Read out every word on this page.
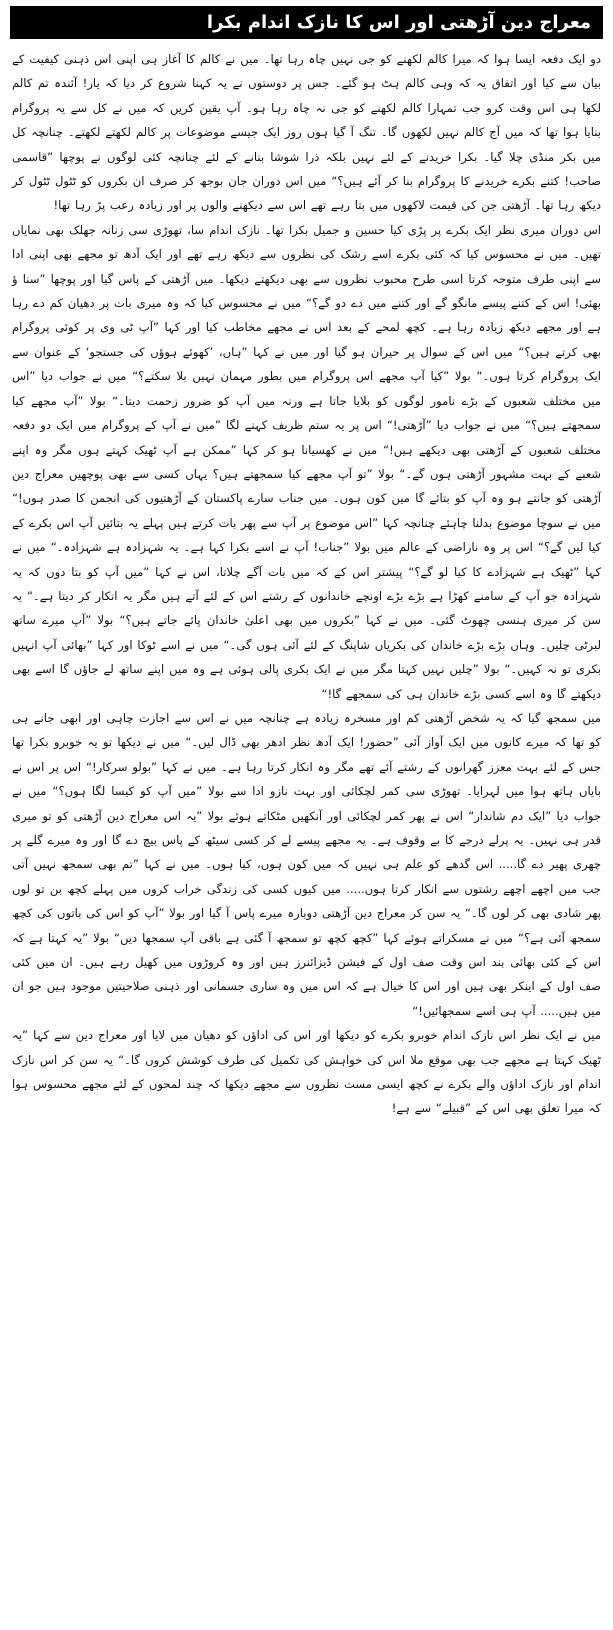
معراج دین آڑھتی اور اس کا نازک اندام بکرا

دو ایک دفعہ ایسا ہوا کہ میرا کالم لکھنے کو جی نہیں چاہ رہا تھا۔ میں نے کالم کا آغاز ہی اپنی اس ذہنی کیفیت کے بیان سے کیا اور اتفاق یہ کہ وہی کالم ہٹ ہو گئے۔ جس پر دوستوں نے یہ کہنا شروع کر دیا کہ یار! آئندہ تم کالم لکھا ہی اس وقت کرو جب تمہارا کالم لکھنے کو جی نہ چاہ رہا ہو۔ آپ یقین کریں کہ میں نے کل سے یہ پروگرام بنایا ہوا تھا کہ میں آج کالم نہیں لکھوں گا۔ تنگ آ گیا ہوں روز ایک جیسے موضوعات پر کالم لکھتے لکھتے۔ چنانچہ کل میں بکر منڈی چلا گیا۔ بکرا خریدنے کے لئے نہیں بلکہ ذرا شوشا بنانے کے لئے چنانچہ کئی لوگوں نے پوچھا ”قاسمی صاحب! کتنے بکرے خریدنے کا پروگرام بنا کر آئے ہیں؟“ میں اس دوران جان بوجھ کر صرف ان بکروں کو ٹٹول ٹٹول کر دیکھ رہا تھا۔ آڑھتی جن کی قیمت لاکھوں میں بتا رہے تھے اس سے دیکھنے والوں پر اور زیادہ رعب پڑ رہا تھا!

اس دوران میری نظر ایک بکرے پر پڑی کیا حسین و جمیل بکرا تھا۔ نازک اندام سا، تھوڑی سی زنانہ جھلک بھی نمایاں تھیں۔ میں نے محسوس کیا کہ کئی بکرے اسے رشک کی نظروں سے دیکھ رہے تھے اور ایک آدھ تو مجھے بھی اپنی ادا سے اپنی طرف متوجہ کرتا اسی طرح محبوب نظروں سے بھی دیکھتے دیکھا۔ میں آڑھتی کے پاس گیا اور پوچھا ”سنا ؤ بھئی! اس کے کتنے پیسے مانگو گے اور کتنے میں دے دو گے؟“ میں نے محسوس کیا کہ وہ میری بات پر دھیان کم دے رہا ہے اور مجھے دیکھ زیادہ رہا ہے۔ کچھ لمحے کے بعد اس نے مجھے مخاطب کیا اور کہا ”آپ ٹی وی پر کوئی پروگرام بھی کرتے ہیں؟“ میں اس کے سوال پر حیران ہو گیا اور میں نے کہا ”ہاں، ’کھوئے ہوؤں کی جستجو‘ کے عنوان سے ایک پروگرام کرتا ہوں۔“ بولا ”کیا آپ مجھے اس پروگرام میں بطور مہمان نہیں بلا سکتے؟“ میں نے جواب دیا ”اس میں مختلف شعبوں کے بڑے نامور لوگوں کو بلایا جاتا ہے ورنہ میں آپ کو ضرور زحمت دیتا۔“ بولا ”آپ مجھے کیا سمجھتے ہیں؟“ میں نے جواب دیا ”آڑھتی!“ اس پر یہ ستم ظریف کہنے لگا ”میں نے آپ کے پروگرام میں ایک دو دفعہ مختلف شعبوں کے آڑھتی بھی دیکھے ہیں!“ میں نے کھسیانا ہو کر کہا ”ممکن ہے آپ ٹھیک کہتے ہوں مگر وہ اپنے شعبے کے بہت مشہور آڑھتی ہوں گے۔“ بولا ”تو آپ مجھے کیا سمجھتے ہیں؟ یہاں کسی سے بھی پوچھیں معراج دین آڑھتی کو جانتے ہو وہ آپ کو بتائے گا میں کون ہوں۔ میں جناب سارے پاکستان کے آڑھتیوں کی انجمن کا صدر ہوں!“ میں نے سوچا موضوع بدلنا چاہئے چنانچہ کہا ”اس موضوع پر آپ سے پھر بات کرتے ہیں پہلے یہ بتائیں آپ اس بکرے کے کیا لیں گے؟“ اس پر وہ ناراضی کے عالم میں بولا ”جناب! آپ نے اسے بکرا کہا ہے۔ یہ شہزادہ ہے شہزادہ۔“ میں نے کہا ”ٹھیک ہے شہزادے کا کیا لو گے؟“ پیشتر اس کے کہ میں بات آگے چلاتا، اس نے کہا ”میں آپ کو بتا دوں کہ یہ شہزادہ جو آپ کے سامنے کھڑا ہے بڑے بڑے اونچے خاندانوں کے رشتے اس کے لئے آتے ہیں مگر یہ انکار کر دیتا ہے۔“ یہ سن کر میری ہنسی چھوٹ گئی۔ میں نے کہا ”بکروں میں بھی اعلیٰ خاندان پائے جاتے ہیں؟“ بولا ”آپ میرے ساتھ لبرٹی چلیں۔ وہاں بڑے بڑے خاندان کی بکریاں شاپنگ کے لئے آئی ہوں گی۔“ میں نے اسے ٹوکا اور کہا ”بھائی آپ انہیں بکری تو نہ کہیں۔“ بولا ”چلیں نہیں کہتا مگر میں نے ایک بکری پالی ہوئی ہے وہ میں اپنے ساتھ لے جاؤں گا اسے بھی دیکھتے گا وہ اسے کسی بڑے خاندان ہی کی سمجھے گا!“

میں سمجھ گیا کہ یہ شخص آڑھتی کم اور مسخرہ زیادہ ہے چنانچہ میں نے اس سے اجازت چاہی اور ابھی جانے ہی کو تھا کہ میرے کانوں میں ایک آواز آئی ”حضور! ایک آدھ نظر ادھر بھی ڈال لیں۔“ میں نے دیکھا تو یہ خوبرو بکرا تھا جس کے لئے بہت معزز گھرانوں کے رشتے آئے تھے مگر وہ انکار کرتا رہا ہے۔ میں نے کہا ”بولو سرکار!“ اس پر اس نے بایاں ہاتھ ہوا میں لہرایا۔ تھوڑی سی کمر لچکائی اور بہت نازو ادا سے بولا ”میں آپ کو کیسا لگا ہوں؟“ میں نے جواب دیا ”ایک دم شاندار“ اس نے پھر کمر لچکائی اور آنکھیں مٹکاتے ہوئے بولا ”یہ اس معراج دین آڑھتی کو تو میری قدر ہی نہیں۔ یہ پرلے درجے کا بے وقوف ہے۔ یہ مجھے پیسے لے کر کسی سیٹھ کے پاس بیچ دے گا اور وہ میرے گلے پر چھری پھیر دے گا..... اس گدھے کو علم ہی نہیں کہ میں کون ہوں، کیا ہوں۔ میں نے کہا ”تم بھی سمجھ نہیں آتی جب میں اچھے اچھے رشتوں سے انکار کرتا ہوں..... میں کیوں کسی کی زندگی خراب کروں میں پہلے کچھ بن تو لوں پھر شادی بھی کر لوں گا۔“ یہ سن کر معراج دین آڑھتی دوبارہ میرے پاس آ گیا اور بولا ”آپ کو اس کی باتوں کی کچھ سمجھ آئی ہے؟“ میں نے مسکراتے ہوئے کہا ”کچھ کچھ تو سمجھ آ گئی ہے باقی آپ سمجھا دیں“ بولا ”یہ کہتا ہے کہ اس کے کئی بھائی بند اس وقت صف اول کے فیشن ڈیزائنرز ہیں اور وہ کروڑوں میں کھیل رہے ہیں۔ ان میں کئی صف اول کے اینکر بھی ہیں اور اس کا خیال ہے کہ اس میں وہ ساری جسمانی اور ذہنی صلاحیتیں موجود ہیں جو ان میں ہیں..... آپ ہی اسے سمجھائیں!“

میں نے ایک نظر اس نازک اندام خوبرو بکرے کو دیکھا اور اس کی اداؤں کو دھیان میں لایا اور معراج دین سے کہا ”یہ ٹھیک کہتا ہے مجھے جب بھی موقع ملا اس کی خواہش کی تکمیل کی طرف کوشش کروں گا۔“ یہ سن کر اس نازک اندام اور نازک اداؤں والے بکرے نے کچھ ایسی مست نظروں سے مجھے دیکھا کہ چند لمحوں کے لئے مجھے محسوس ہوا کہ میرا تعلق بھی اس کے ”قبیلے“ سے ہے!
